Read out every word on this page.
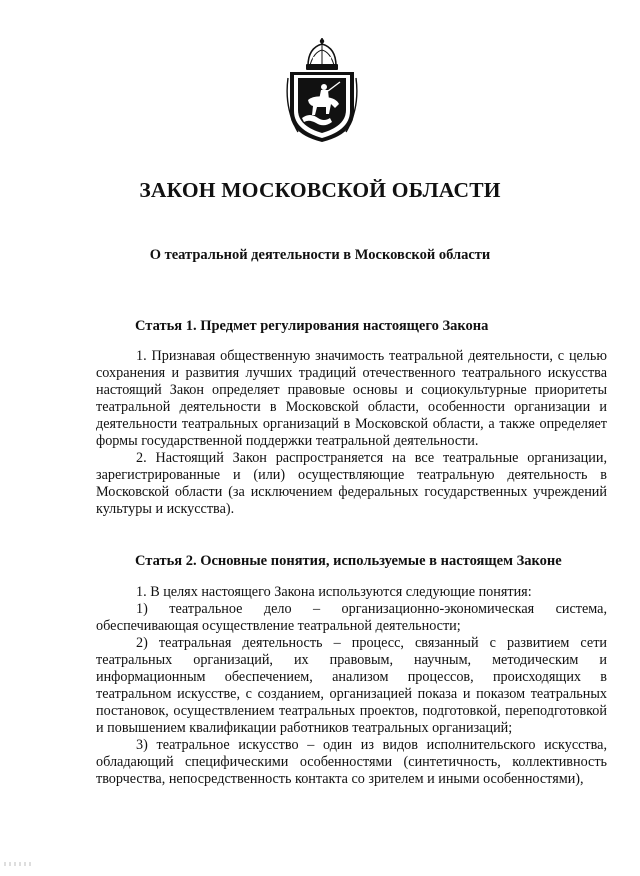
ЗАКОН МОСКОВСКОЙ ОБЛАСТИ
О театральной деятельности в Московской области
Статья 1. Предмет регулирования настоящего Закона

1. Признавая общественную значимость театральной деятельности, с целью сохранения и развития лучших традиций отечественного театрального искусства настоящий Закон определяет правовые основы и социокультурные приоритеты театральной деятельности в Московской области, особенности организации и деятельности театральных организаций в Московской области, а также определяет формы государственной поддержки театральной деятельности.

2. Настоящий Закон распространяется на все театральные организации, зарегистрированные и (или) осуществляющие театральную деятельность в Московской области (за исключением федеральных государственных учреждений культуры и искусства).

Статья 2. Основные понятия, используемые в настоящем Законе

1. В целях настоящего Закона используются следующие понятия:

1) театральное дело – организационно-экономическая система, обеспечивающая осуществление театральной деятельности;

2) театральная деятельность – процесс, связанный с развитием сети театральных организаций, их правовым, научным, методическим и информационным обеспечением, анализом процессов, происходящих в театральном искусстве, с созданием, организацией показа и показом театральных постановок, осуществлением театральных проектов, подготовкой, переподготовкой и повышением квалификации работников театральных организаций;

3) театральное искусство – один из видов исполнительского искусства, обладающий специфическими особенностями (синтетичность, коллективность творчества, непосредственность контакта со зрителем и иными особенностями),
